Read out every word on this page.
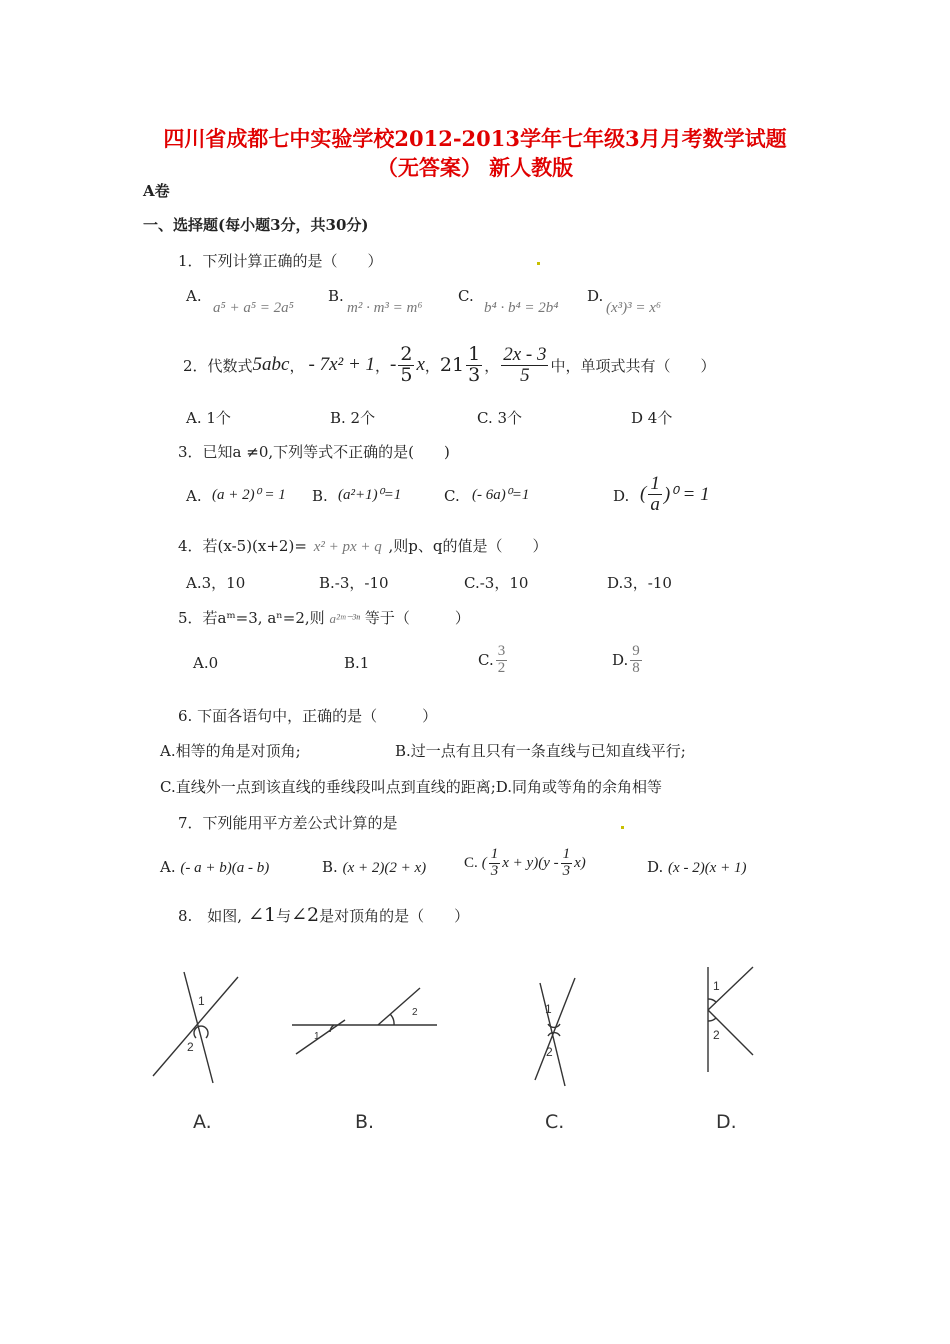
四川省成都七中实验学校2012-2013学年七年级3月月考数学试题
（无答案） 新人教版
A卷
一、选择题(每小题3分，共30分)
1．下列计算正确的是（　　）
A.
a⁵ + a⁵ = 2a⁵
B.
m² · m³ = m⁶
C.
b⁴ · b⁴ = 2b⁴
D.
(x³)³ = x⁶
2．代数式 5abc ， - 7x² + 1 ， - $\frac{2}{5}$ x ， $21 \frac{1}{3}$ ， $\frac{2x - 3}{5}$ 中，单项式共有（　　）
A. 1个	B. 2个	C. 3个	D 4个
3．已知a ≠0,下列等式不正确的是(　　)
A. (a + 2)⁰ = 1 B. (a²+1)⁰=1	C. (- 6a)⁰=1	D. ( $\frac{1}{a} )^0 = 1$
4．若(x-5)(x+2)= x² + px + q ,则p、q的值是（　　）
A.3，10	B.-3，-10	C.-3，10	D.3，-10
5．若aᵐ=3, aⁿ=2,则 a²ᵐ⁻³ⁿ 等于（　　　）
A.0	B.1	C. $\frac{3}{2}$	D. $\frac{9}{8}$
6. 下面各语句中，正确的是（　　　）
A.相等的角是对顶角;	B.过一点有且只有一条直线与已知直线平行;
C.直线外一点到该直线的垂线段叫点到直线的距离;D.同角或等角的余角相等
7．下列能用平方差公式计算的是
A. (- a + b)(a - b)	B. (x + 2)(2 + x)	C. ( $\frac{1}{3}$ $x + y)(y - \frac{1}{3} x)$	D. (x - 2)(x + 1)
8.　如图, ∠1 与 ∠2 是对顶角的是（　　）
1
2
1
2	1
2
1
2
A.	B.	C.	D.
